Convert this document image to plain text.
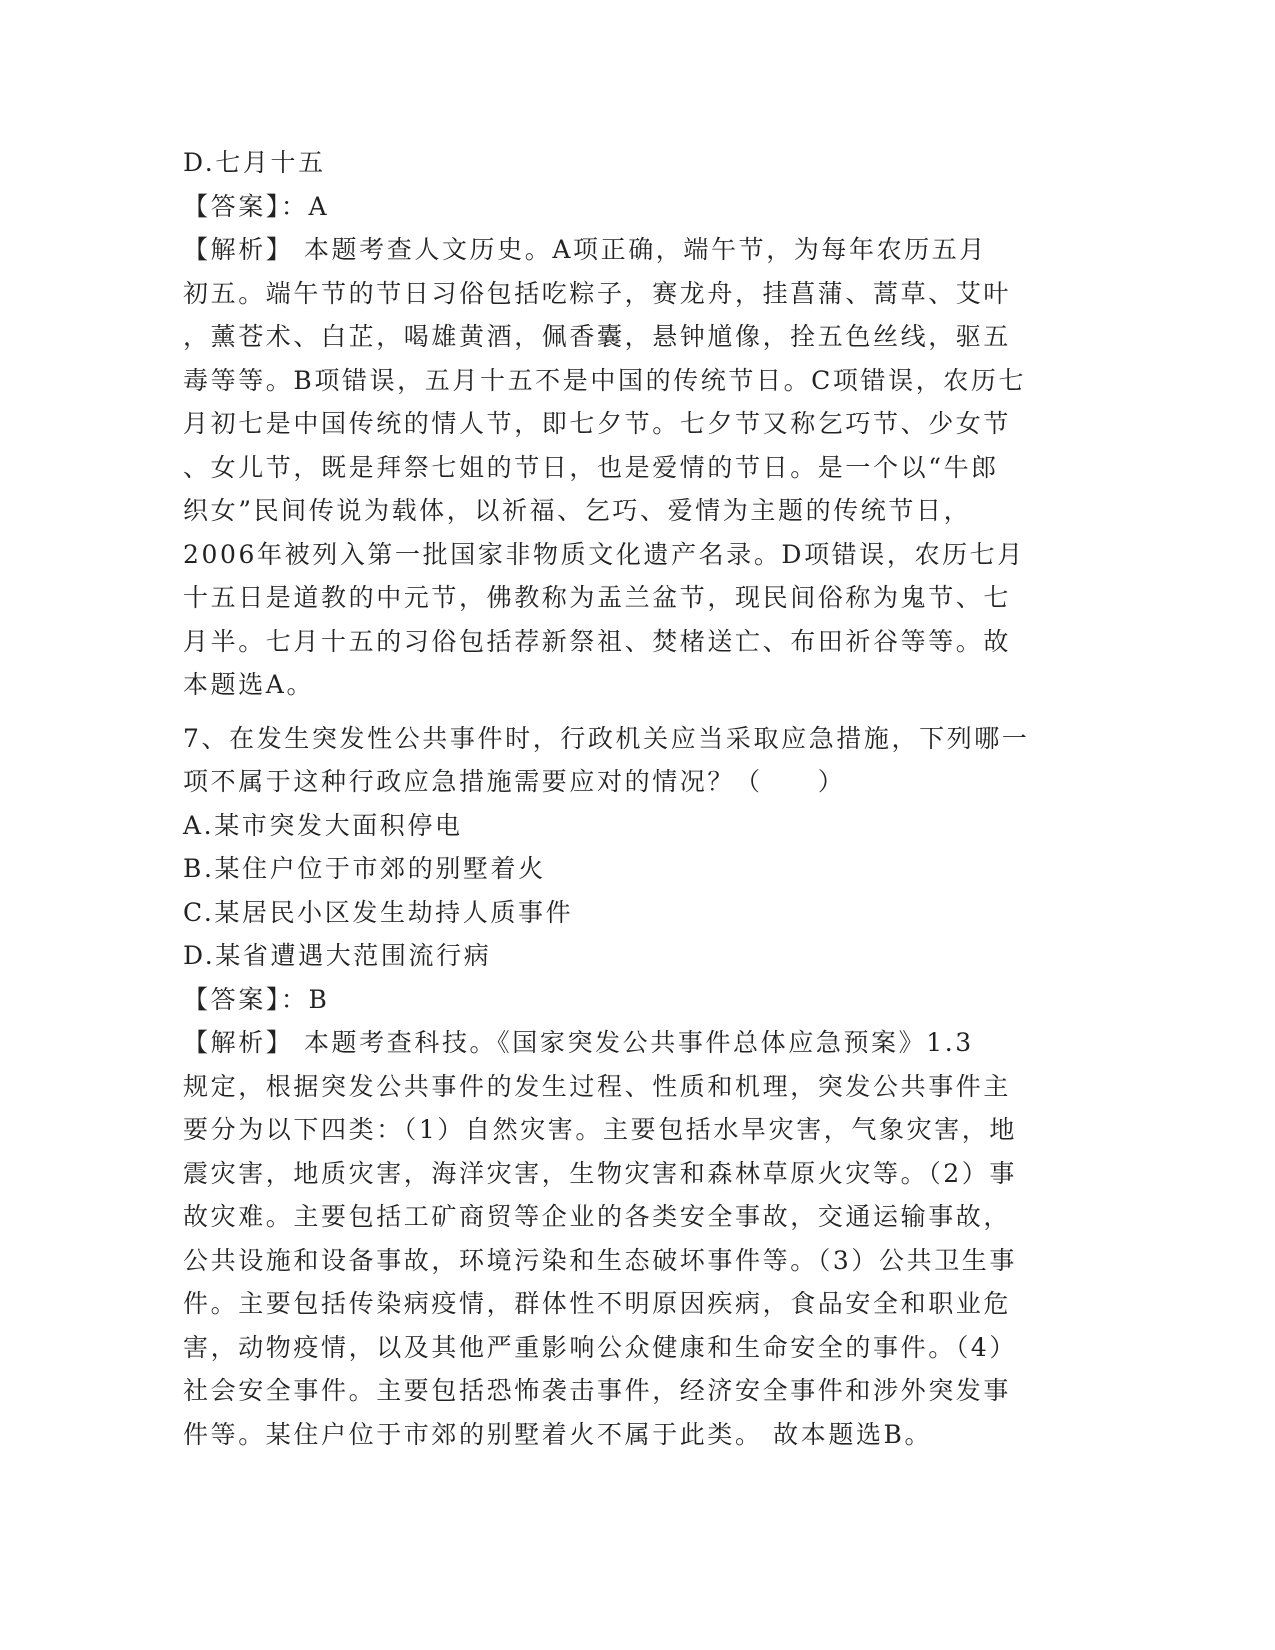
D.七月十五
【答案】：A
【解析】 本题考查人文历史。A项正确，端午节，为每年农历五月
初五。端午节的节日习俗包括吃粽子，赛龙舟，挂菖蒲、蒿草、艾叶
，薰苍术、白芷，喝雄黄酒，佩香囊，悬钟馗像，拴五色丝线，驱五
毒等等。B项错误，五月十五不是中国的传统节日。C项错误，农历七
月初七是中国传统的情人节，即七夕节。七夕节又称乞巧节、少女节
、女儿节，既是拜祭七姐的节日，也是爱情的节日。是一个以“牛郎
织女”民间传说为载体，以祈福、乞巧、爱情为主题的传统节日，
2006年被列入第一批国家非物质文化遗产名录。D项错误，农历七月
十五日是道教的中元节，佛教称为盂兰盆节，现民间俗称为鬼节、七
月半。七月十五的习俗包括荐新祭祖、焚楮送亡、布田祈谷等等。故
本题选A。
7、在发生突发性公共事件时，行政机关应当采取应急措施，下列哪一
项不属于这种行政应急措施需要应对的情况？（　　）
A.某市突发大面积停电
B.某住户位于市郊的别墅着火
C.某居民小区发生劫持人质事件
D.某省遭遇大范围流行病
【答案】：B
【解析】 本题考查科技。《国家突发公共事件总体应急预案》1.3
规定，根据突发公共事件的发生过程、性质和机理，突发公共事件主
要分为以下四类：（1）自然灾害。主要包括水旱灾害，气象灾害，地
震灾害，地质灾害，海洋灾害，生物灾害和森林草原火灾等。（2）事
故灾难。主要包括工矿商贸等企业的各类安全事故，交通运输事故，
公共设施和设备事故，环境污染和生态破坏事件等。（3）公共卫生事
件。主要包括传染病疫情，群体性不明原因疾病，食品安全和职业危
害，动物疫情，以及其他严重影响公众健康和生命安全的事件。（4）
社会安全事件。主要包括恐怖袭击事件，经济安全事件和涉外突发事
件等。某住户位于市郊的别墅着火不属于此类。 故本题选B。
